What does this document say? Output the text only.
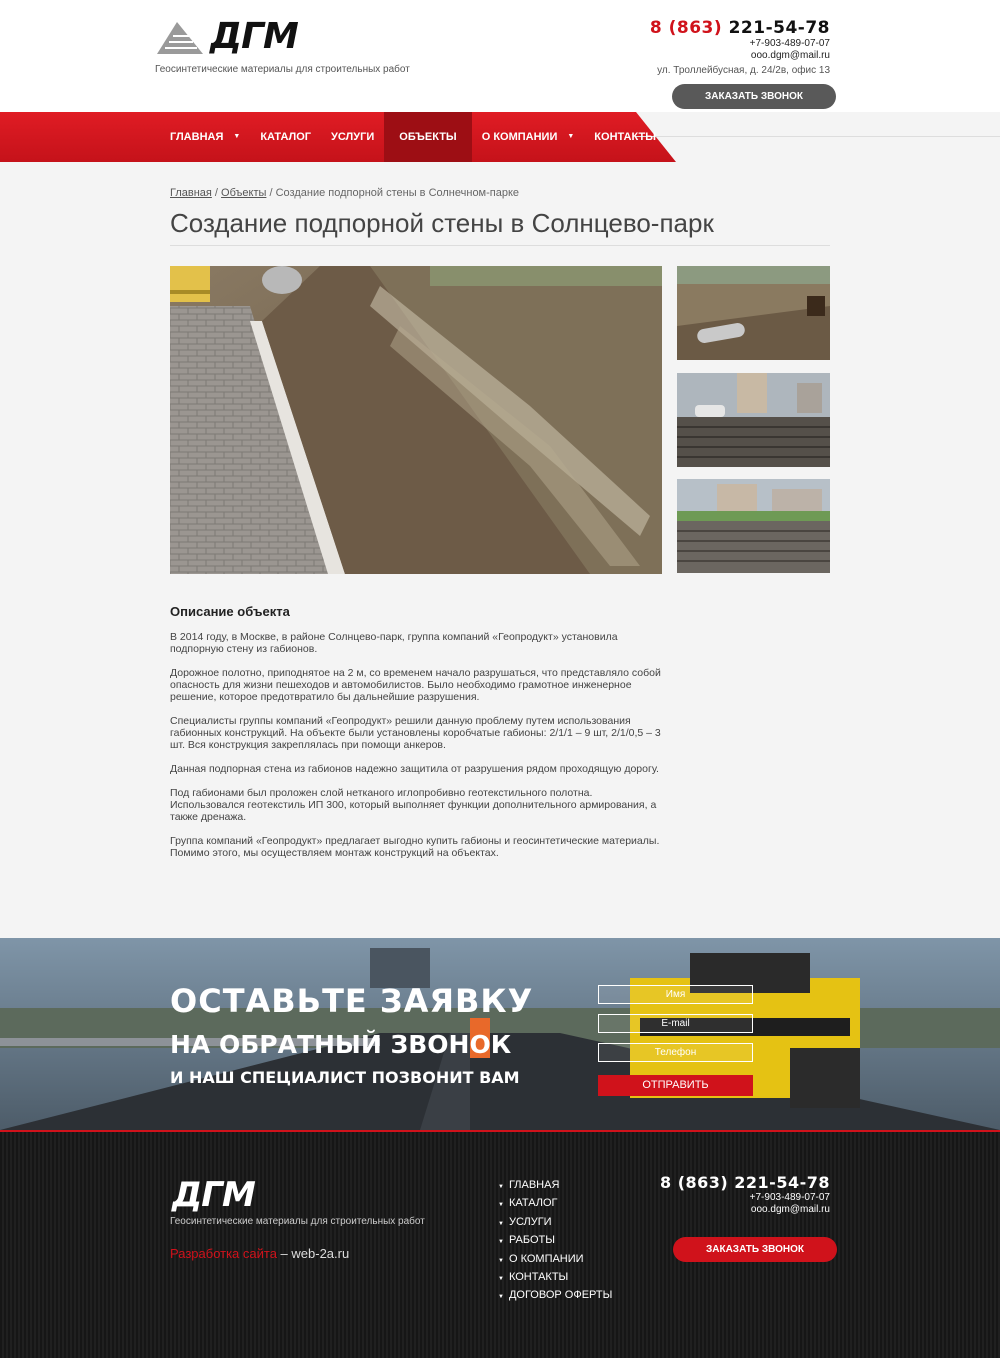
ДГМ
Геосинтетические материалы для строительных работ
8 (863) 221-54-78
+7-903-489-07-07
ooo.dgm@mail.ru
ул. Троллейбусная, д. 24/2в, офис 13
ЗАКАЗАТЬ ЗВОНОК
ГЛАВНАЯ ▼ КАТАЛОГ УСЛУГИ ОБЪЕКТЫ О КОМПАНИИ ▼ КОНТАКТЫ
Главная / Объекты / Создание подпорной стены в Солнечном-парке
Создание подпорной стены в Солнцево-парк
Описание объекта

В 2014 году, в Москве, в районе Солнцево-парк, группа компаний «Геопродукт» установила подпорную стену из габионов.

Дорожное полотно, приподнятое на 2 м, со временем начало разрушаться, что представляло собой опасность для жизни пешеходов и автомобилистов. Было необходимо грамотное инженерное решение, которое предотвратило бы дальнейшие разрушения.

Специалисты группы компаний «Геопродукт» решили данную проблему путем использования габионных конструкций. На объекте были установлены коробчатые габионы: 2/1/1 – 9 шт, 2/1/0,5 – 3 шт. Вся конструкция закреплялась при помощи анкеров.

Данная подпорная стена из габионов надежно защитила от разрушения рядом проходящую дорогу.

Под габионами был проложен слой нетканого иглопробивно геотекстильного полотна. Использовался геотекстиль ИП 300, который выполняет функции дополнительного армирования, а также дренажа.

Группа компаний «Геопродукт» предлагает выгодно купить габионы и геосинтетические материалы. Помимо этого, мы осуществляем монтаж конструкций на объектах.

ОСТАВЬТЕ ЗАЯВКУ
НА ОБРАТНЫЙ ЗВОНОК
И НАШ СПЕЦИАЛИСТ ПОЗВОНИТ ВАМ
Имя
E-mail
Телефон	ОТПРАВИТЬ
ДГМ
Геосинтетические материалы для строительных работ
Разработка сайта – web-2a.ru
▼ ГЛАВНАЯ
▼ КАТАЛОГ
▼ УСЛУГИ
▼ РАБОТЫ
▼ О КОМПАНИИ
▼ КОНТАКТЫ
▼ ДОГОВОР ОФЕРТЫ
8 (863) 221-54-78
+7-903-489-07-07
ooo.dgm@mail.ru
ЗАКАЗАТЬ ЗВОНОК
